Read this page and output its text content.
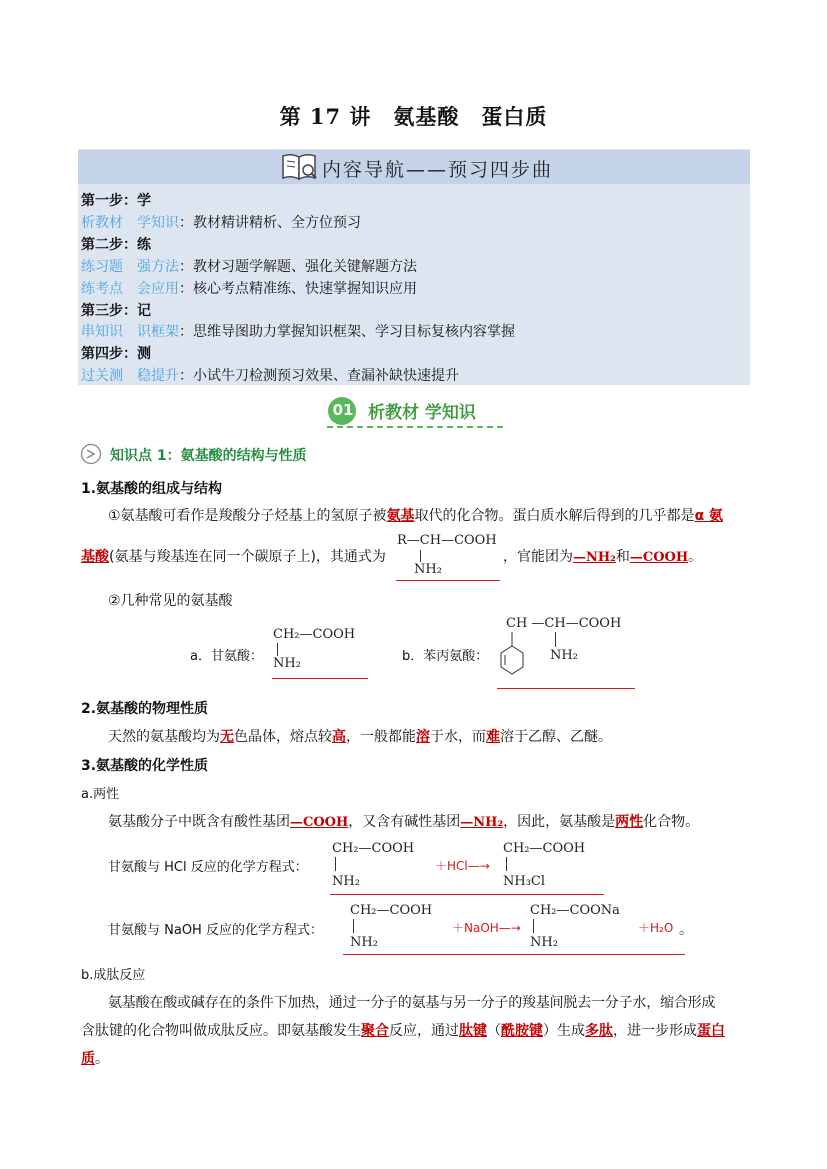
第 17 讲　氨基酸　蛋白质
内容导航——预习四步曲
第一步：学
析教材　学知识：教材精讲精析、全方位预习
第二步：练
练习题　强方法：教材习题学解题、强化关键解题方法
练考点　会应用：核心考点精准练、快速掌握知识应用
第三步：记
串知识　识框架：思维导图助力掌握知识框架、学习目标复核内容掌握
第四步：测
过关测　稳提升：小试牛刀检测预习效果、查漏补缺快速提升
01 析教材 学知识
知识点 1：氨基酸的结构与性质
1.氨基酸的组成与结构
①氨基酸可看作是羧酸分子烃基上的氢原子被氨基取代的化合物。蛋白质水解后得到的几乎都是α 氨
基酸(氨基与羧基连在同一个碳原子上)，其通式为
R—CH—COOH
NH₂
，官能团为—NH₂和—COOH。
②几种常见的氨基酸
a．甘氨酸：
CH₂—COOH
NH₂	b．苯丙氨酸：
CH —CH—COOH
NH₂
2.氨基酸的物理性质
天然的氨基酸均为无色晶体，熔点较高，一般都能溶于水，而难溶于乙醇、乙醚。
3.氨基酸的化学性质
a.两性
氨基酸分子中既含有酸性基团—COOH，又含有碱性基团—NH₂，因此，氨基酸是两性化合物。
甘氨酸与 HCl 反应的化学方程式：
CH₂—COOH
NH₂
＋HCl—→
CH₂—COOH
NH₃Cl
甘氨酸与 NaOH 反应的化学方程式：
CH₂—COOH
NH₂
＋NaOH—→
CH₂—COONa
NH₂
＋H₂O 。
b.成肽反应
氨基酸在酸或碱存在的条件下加热，通过一分子的氨基与另一分子的羧基间脱去一分子水，缩合形成
含肽键的化合物叫做成肽反应。即氨基酸发生聚合反应，通过肽键（酰胺键）生成多肽，进一步形成蛋白
质。
